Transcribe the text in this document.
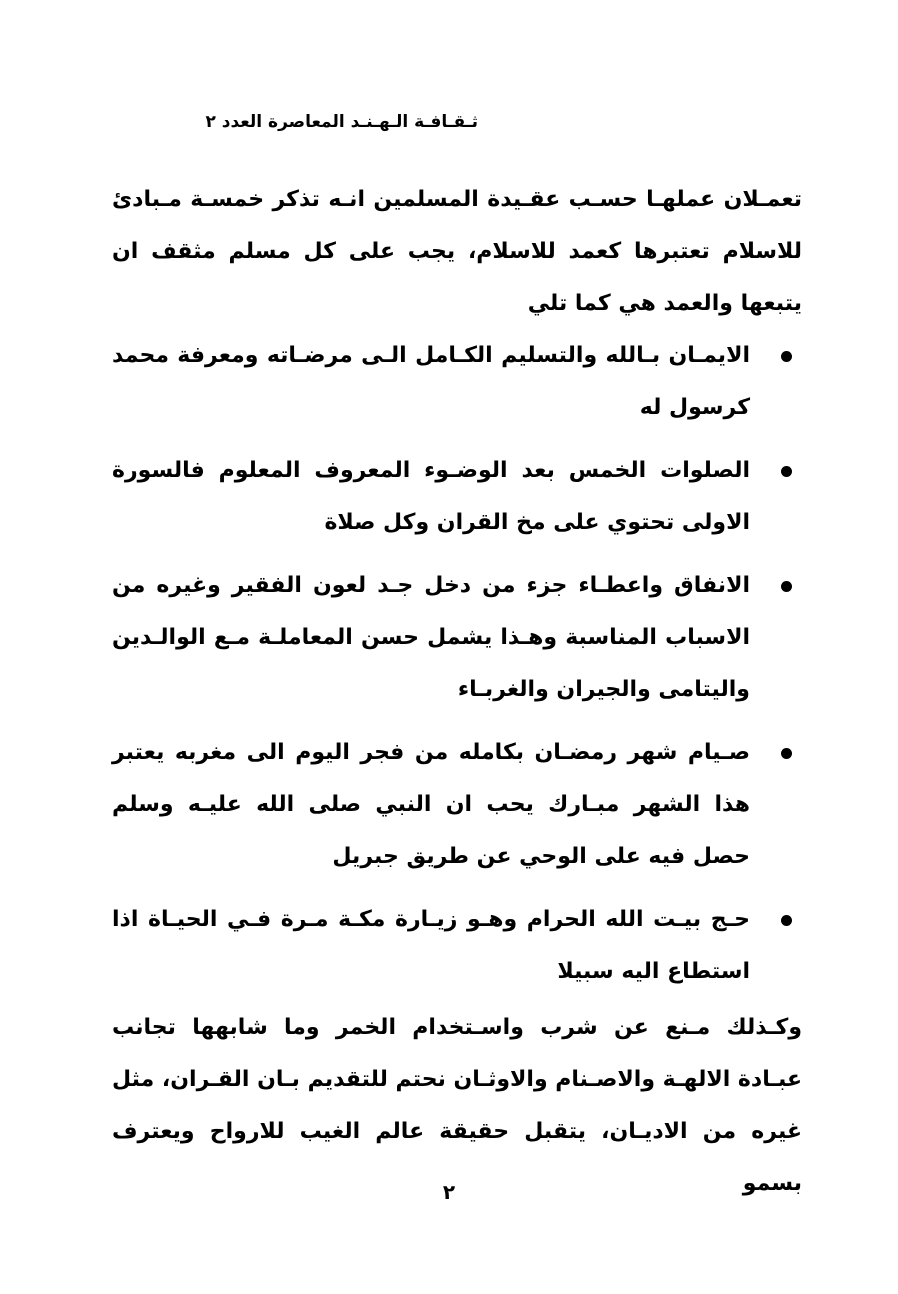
ثـقـافـة الـهـنـد المعاصرة العدد ٢
تعمـلان عملهـا حسـب عقـيدة المسلمين انـه تذكر خمسـة مـبادئ للاسلام تعتبرها كعمد للاسلام، يجب على كل مسلم مثقف ان يتبعها والعمد هي كما تلي
الايمـان بـالله والتسليم الكـامل الـى مرضـاته ومعرفة محمد كرسول له
الصلوات الخمس بعد الوضـوء المعروف المعلوم فالسورة الاولى تحتوي على مخ القران وكل صلاة
الانفاق واعطـاء جزء من دخل جـد لعون الفقير وغيره من الاسباب المناسبة وهـذا يشمل حسن المعاملـة مـع الوالـدين واليتامى والجيران والغربـاء
صـيام شهر رمضـان بكامله من فجر اليوم الى مغربه يعتبر هذا الشهر مبـارك يحب ان النبي صلى الله عليـه وسلم حصل فيه على الوحي عن طريق جبريل
حـج بيـت الله الحرام وهـو زيـارة مكـة مـرة فـي الحيـاة اذا استطاع اليه سبيلا
وكـذلك مـنع عن شرب واسـتخدام الخمر وما شابهها تجانب عبـادة الالهـة والاصـنام والاوثـان نحتم للتقديم بـان القـران، مثل غيره من الاديـان، يتقبل حقيقة عالم الغيب للارواح ويعترف بسمو
٢
